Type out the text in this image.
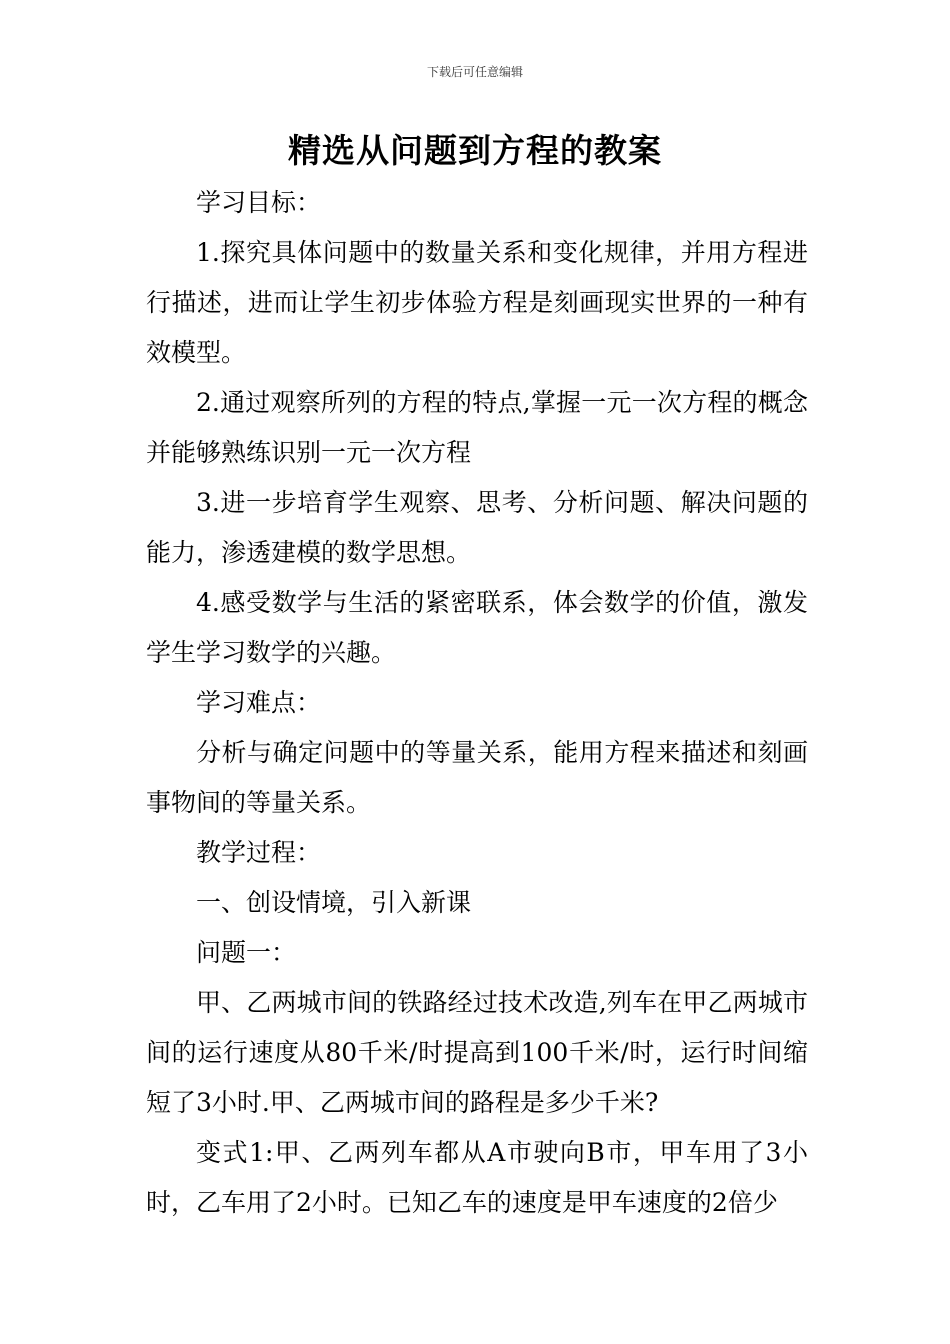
下载后可任意编辑
精选从问题到方程的教案

学习目标：

1.探究具体问题中的数量关系和变化规律，并用方程进行描述，进而让学生初步体验方程是刻画现实世界的一种有效模型。

2.通过观察所列的方程的特点,掌握一元一次方程的概念并能够熟练识别一元一次方程

3.进一步培育学生观察、思考、分析问题、解决问题的能力，渗透建模的数学思想。

4.感受数学与生活的紧密联系，体会数学的价值，激发学生学习数学的兴趣。

学习难点：

分析与确定问题中的等量关系，能用方程来描述和刻画事物间的等量关系。

教学过程：

一、创设情境，引入新课

问题一：

甲、乙两城市间的铁路经过技术改造,列车在甲乙两城市间的运行速度从80千米/时提高到100千米/时，运行时间缩短了3小时.甲、乙两城市间的路程是多少千米?

变式1:甲、乙两列车都从A市驶向B市，甲车用了3小时，乙车用了2小时。已知乙车的速度是甲车速度的2倍少
